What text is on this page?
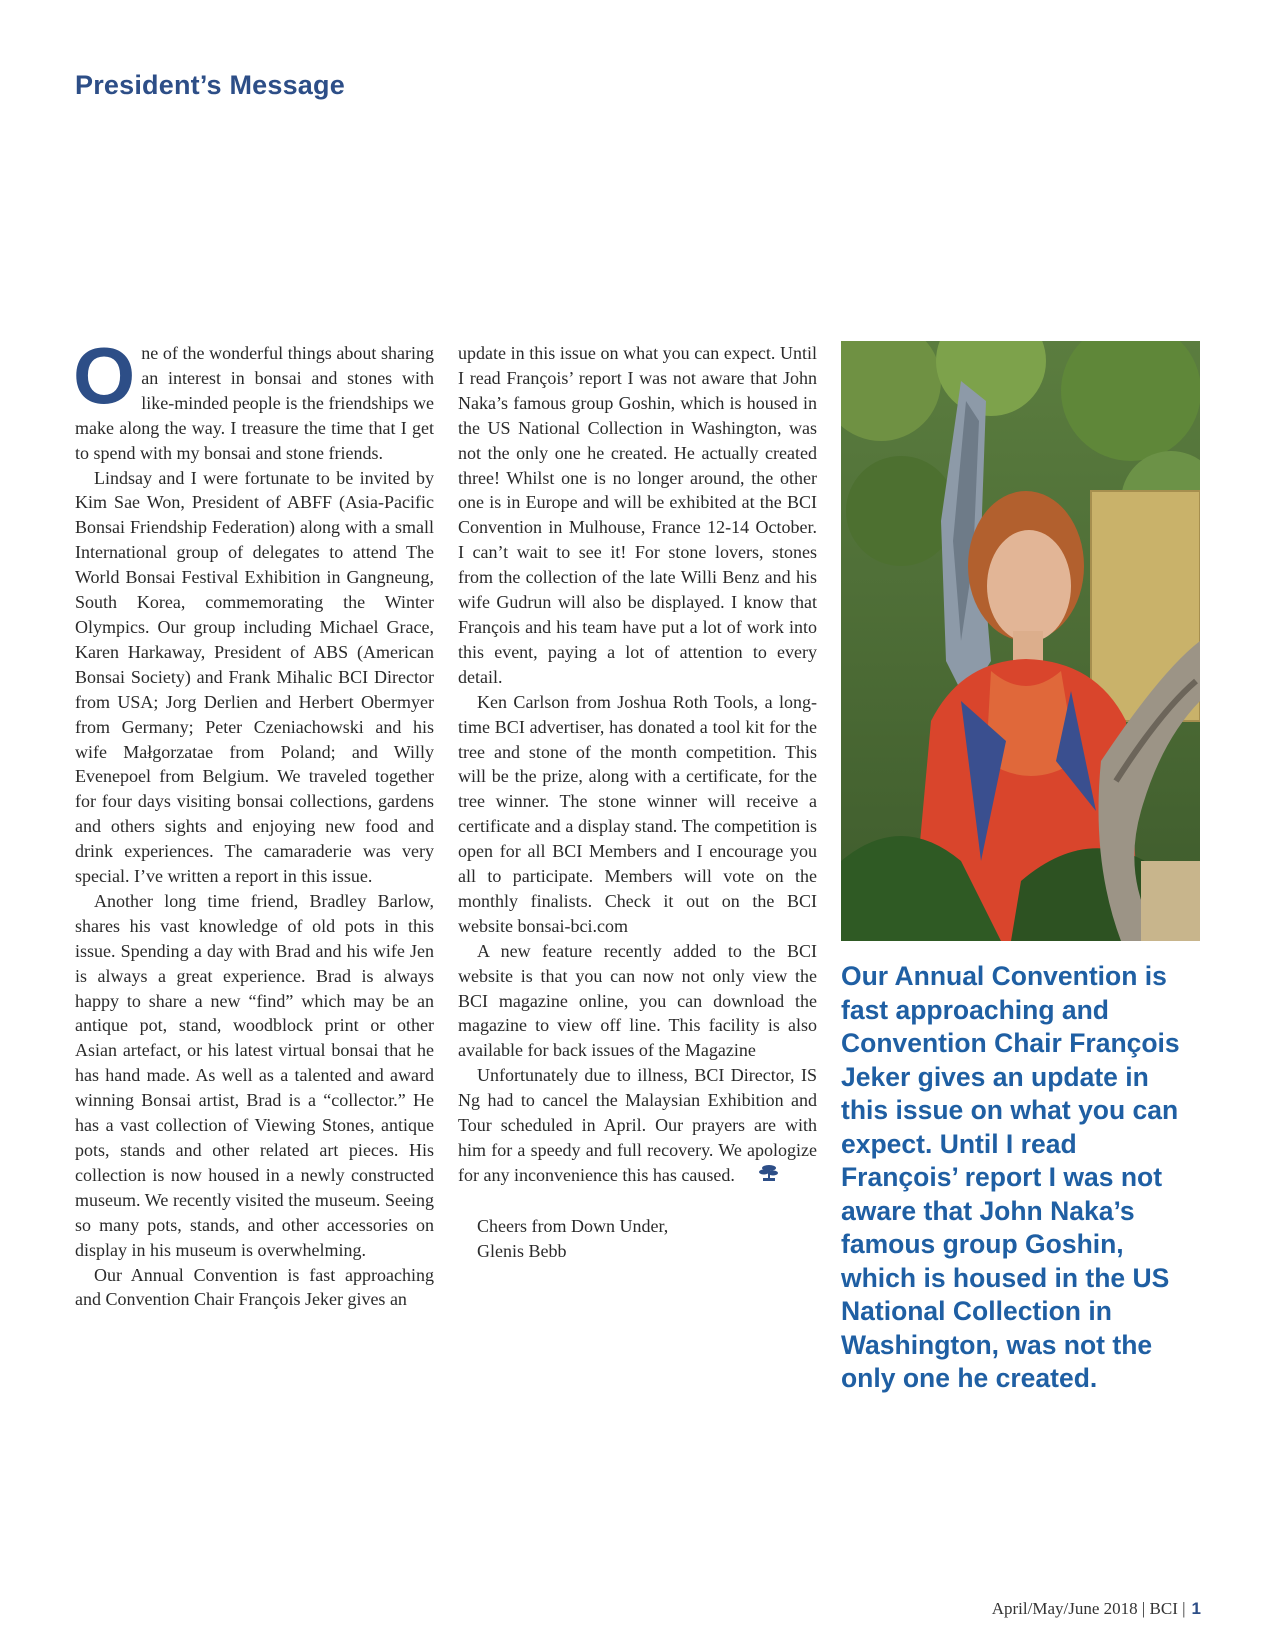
President’s Message

One of the wonderful things about sharing an interest in bonsai and stones with like-minded people is the friendships we make along the way. I treasure the time that I get to spend with my bonsai and stone friends.

Lindsay and I were fortunate to be invited by Kim Sae Won, President of ABFF (Asia-Pacific Bonsai Friendship Federation) along with a small International group of delegates to attend The World Bonsai Festival Exhibition in Gangneung, South Korea, commemorating the Winter Olympics. Our group including Michael Grace, Karen Harkaway, President of ABS (American Bonsai Society) and Frank Mihalic BCI Director from USA; Jorg Derlien and Herbert Obermyer from Germany; Peter Czeniachowski and his wife Małgorzatae from Poland; and Willy Evenepoel from Belgium. We traveled together for four days visiting bonsai collections, gardens and others sights and enjoying new food and drink experiences. The camaraderie was very special. I’ve written a report in this issue.

Another long time friend, Bradley Barlow, shares his vast knowledge of old pots in this issue. Spending a day with Brad and his wife Jen is always a great experience. Brad is always happy to share a new “find” which may be an antique pot, stand, woodblock print or other Asian artefact, or his latest virtual bonsai that he has hand made. As well as a talented and award winning Bonsai artist, Brad is a “collector.” He has a vast collection of Viewing Stones, antique pots, stands and other related art pieces. His collection is now housed in a newly constructed museum. We recently visited the museum. Seeing so many pots, stands, and other accessories on display in his museum is overwhelming.

Our Annual Convention is fast approaching and Convention Chair François Jeker gives an

update in this issue on what you can expect. Until I read François’ report I was not aware that John Naka’s famous group Goshin, which is housed in the US National Collection in Washington, was not the only one he created. He actually created three! Whilst one is no longer around, the other one is in Europe and will be exhibited at the BCI Convention in Mulhouse, France 12-14 October. I can’t wait to see it! For stone lovers, stones from the collection of the late Willi Benz and his wife Gudrun will also be displayed. I know that François and his team have put a lot of work into this event, paying a lot of attention to every detail.

Ken Carlson from Joshua Roth Tools, a long-time BCI advertiser, has donated a tool kit for the tree and stone of the month competition. This will be the prize, along with a certificate, for the tree winner. The stone winner will receive a certificate and a display stand. The competition is open for all BCI Members and I encourage you all to participate. Members will vote on the monthly finalists. Check it out on the BCI website bonsai-bci.com

A new feature recently added to the BCI website is that you can now not only view the BCI magazine online, you can download the magazine to view off line. This facility is also available for back issues of the Magazine

Unfortunately due to illness, BCI Director, IS Ng had to cancel the Malaysian Exhibition and Tour scheduled in April. Our prayers are with him for a speedy and full recovery. We apologize for any inconvenience this has caused.

Cheers from Down Under,

Glenis Bebb

Our Annual Convention is fast approaching and Convention Chair François Jeker gives an update in this issue on what you can expect. Until I read François’ report I was not aware that John Naka’s famous group Goshin, which is housed in the US National Collection in Washington, was not the only one he created.

April/May/June 2018 | BCI | 1
